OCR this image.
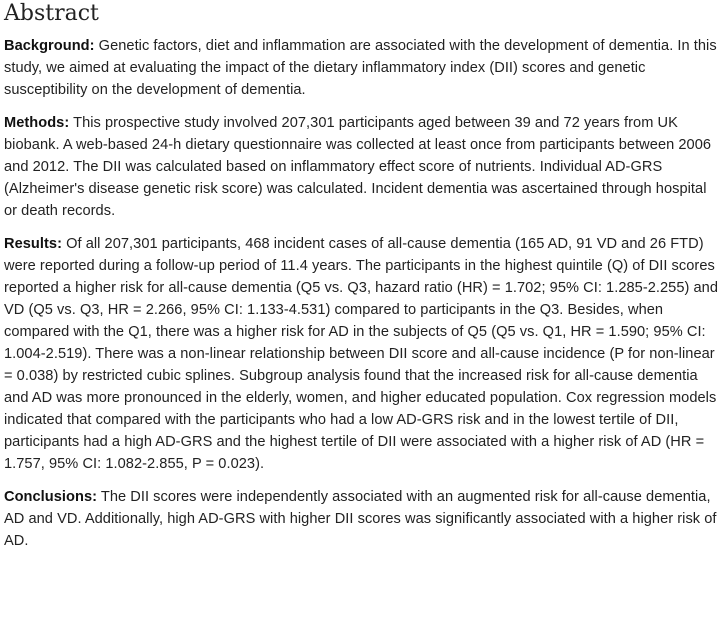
Abstract

Background: Genetic factors, diet and inflammation are associated with the development of dementia. In this study, we aimed at evaluating the impact of the dietary inflammatory index (DII) scores and genetic susceptibility on the development of dementia.

Methods: This prospective study involved 207,301 participants aged between 39 and 72 years from UK biobank. A web-based 24-h dietary questionnaire was collected at least once from participants between 2006 and 2012. The DII was calculated based on inflammatory effect score of nutrients. Individual AD-GRS (Alzheimer's disease genetic risk score) was calculated. Incident dementia was ascertained through hospital or death records.

Results: Of all 207,301 participants, 468 incident cases of all-cause dementia (165 AD, 91 VD and 26 FTD) were reported during a follow-up period of 11.4 years. The participants in the highest quintile (Q) of DII scores reported a higher risk for all-cause dementia (Q5 vs. Q3, hazard ratio (HR) = 1.702; 95% CI: 1.285-2.255) and VD (Q5 vs. Q3, HR = 2.266, 95% CI: 1.133-4.531) compared to participants in the Q3. Besides, when compared with the Q1, there was a higher risk for AD in the subjects of Q5 (Q5 vs. Q1, HR = 1.590; 95% CI: 1.004-2.519). There was a non-linear relationship between DII score and all-cause incidence (P for non-linear = 0.038) by restricted cubic splines. Subgroup analysis found that the increased risk for all-cause dementia and AD was more pronounced in the elderly, women, and higher educated population. Cox regression models indicated that compared with the participants who had a low AD-GRS risk and in the lowest tertile of DII, participants had a high AD-GRS and the highest tertile of DII were associated with a higher risk of AD (HR = 1.757, 95% CI: 1.082-2.855, P = 0.023).

Conclusions: The DII scores were independently associated with an augmented risk for all-cause dementia, AD and VD. Additionally, high AD-GRS with higher DII scores was significantly associated with a higher risk of AD.
